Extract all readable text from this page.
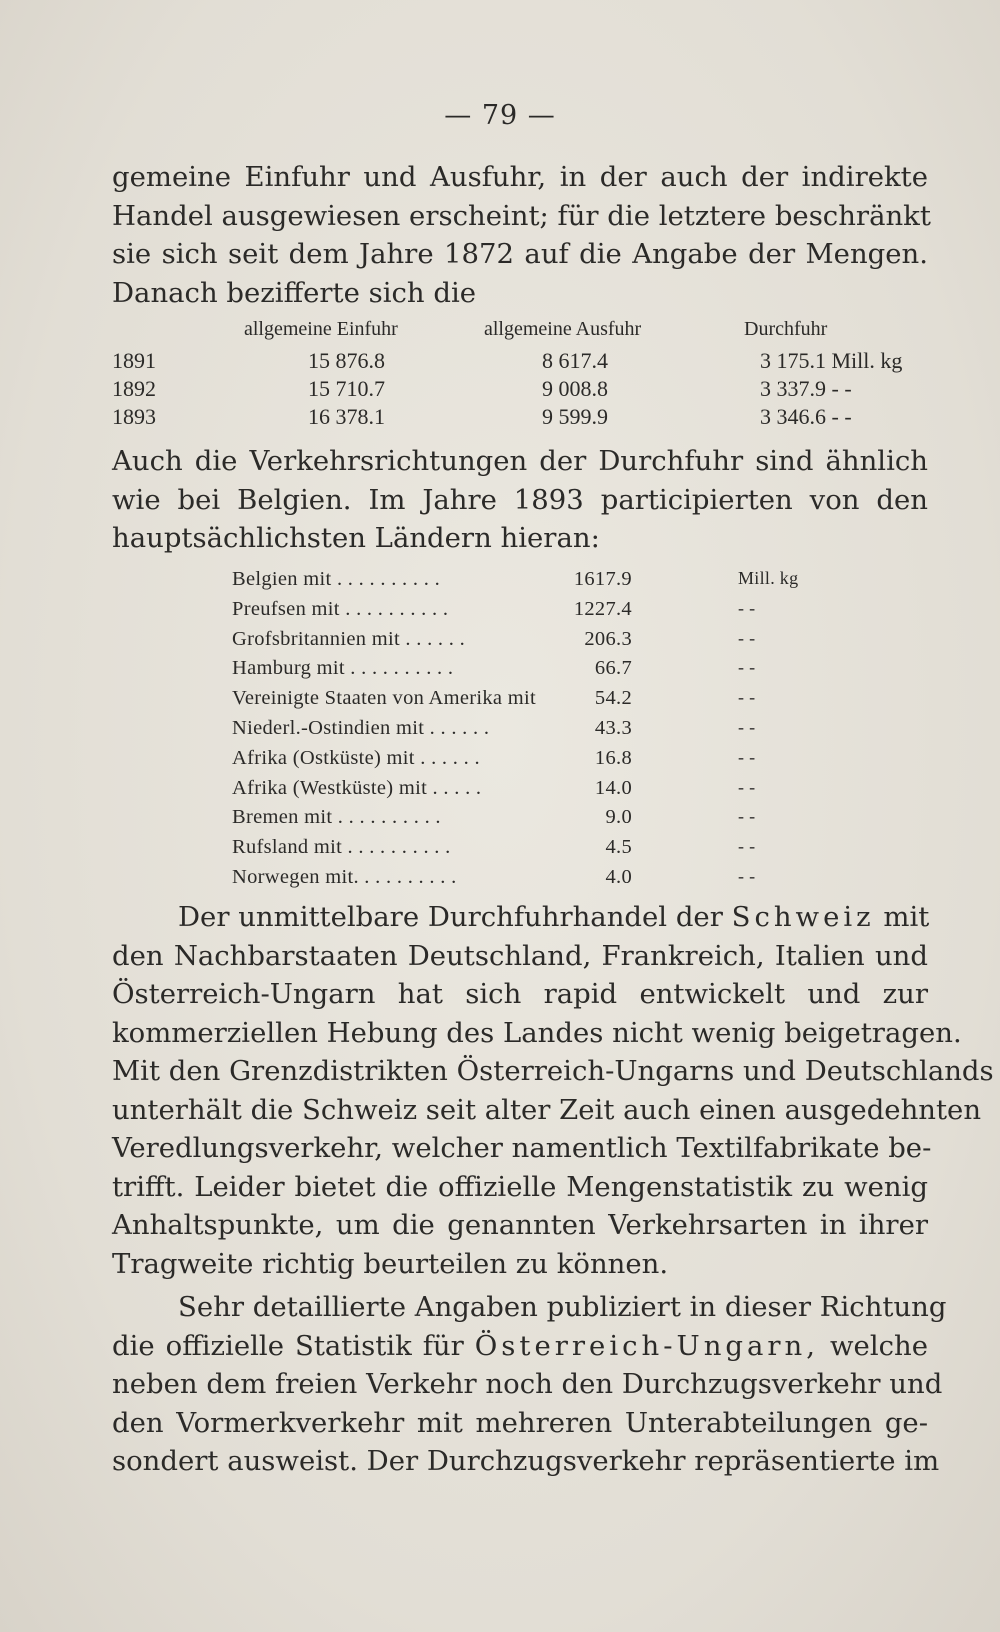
— 79 —
gemeine Einfuhr und Ausfuhr, in der auch der indirekte
Handel ausgewiesen erscheint; für die letztere beschränkt
sie sich seit dem Jahre 1872 auf die Angabe der Mengen.
Danach bezifferte sich die
allgemeine Einfuhr	allgemeine Ausfuhr	Durchfuhr
1891	15 876.8	8 617.4	3 175.1 Mill. kg
1892	15 710.7	9 008.8	3 337.9 - -
1893	16 378.1	9 599.9	3 346.6 - -
Auch die Verkehrsrichtungen der Durchfuhr sind ähnlich
wie bei Belgien. Im Jahre 1893 participierten von den
hauptsächlichsten Ländern hieran:
Belgien mit . . . . . . . . . .	1617.9	Mill. kg
Preufsen mit . . . . . . . . . .	1227.4	- -
Grofsbritannien mit . . . . . .	206.3	- -
Hamburg mit . . . . . . . . . .	66.7	- -
Vereinigte Staaten von Amerika mit	54.2	- -
Niederl.-Ostindien mit . . . . . .	43.3	- -
Afrika (Ostküste) mit . . . . . .	16.8	- -
Afrika (Westküste) mit . . . . .	14.0	- -
Bremen mit . . . . . . . . . .	9.0	- -
Rufsland mit . . . . . . . . . .	4.5	- -
Norwegen mit. . . . . . . . . .	4.0	- -
Der unmittelbare Durchfuhrhandel der Schweiz mit
den Nachbarstaaten Deutschland, Frankreich, Italien und
Österreich-Ungarn hat sich rapid entwickelt und zur
kommerziellen Hebung des Landes nicht wenig beigetragen.
Mit den Grenzdistrikten Österreich-Ungarns und Deutschlands
unterhält die Schweiz seit alter Zeit auch einen ausgedehnten
Veredlungsverkehr, welcher namentlich Textilfabrikate be-
trifft. Leider bietet die offizielle Mengenstatistik zu wenig
Anhaltspunkte, um die genannten Verkehrsarten in ihrer
Tragweite richtig beurteilen zu können.
Sehr detaillierte Angaben publiziert in dieser Richtung
die offizielle Statistik für Österreich-Ungarn, welche
neben dem freien Verkehr noch den Durchzugsverkehr und
den Vormerkverkehr mit mehreren Unterabteilungen ge-
sondert ausweist. Der Durchzugsverkehr repräsentierte im
